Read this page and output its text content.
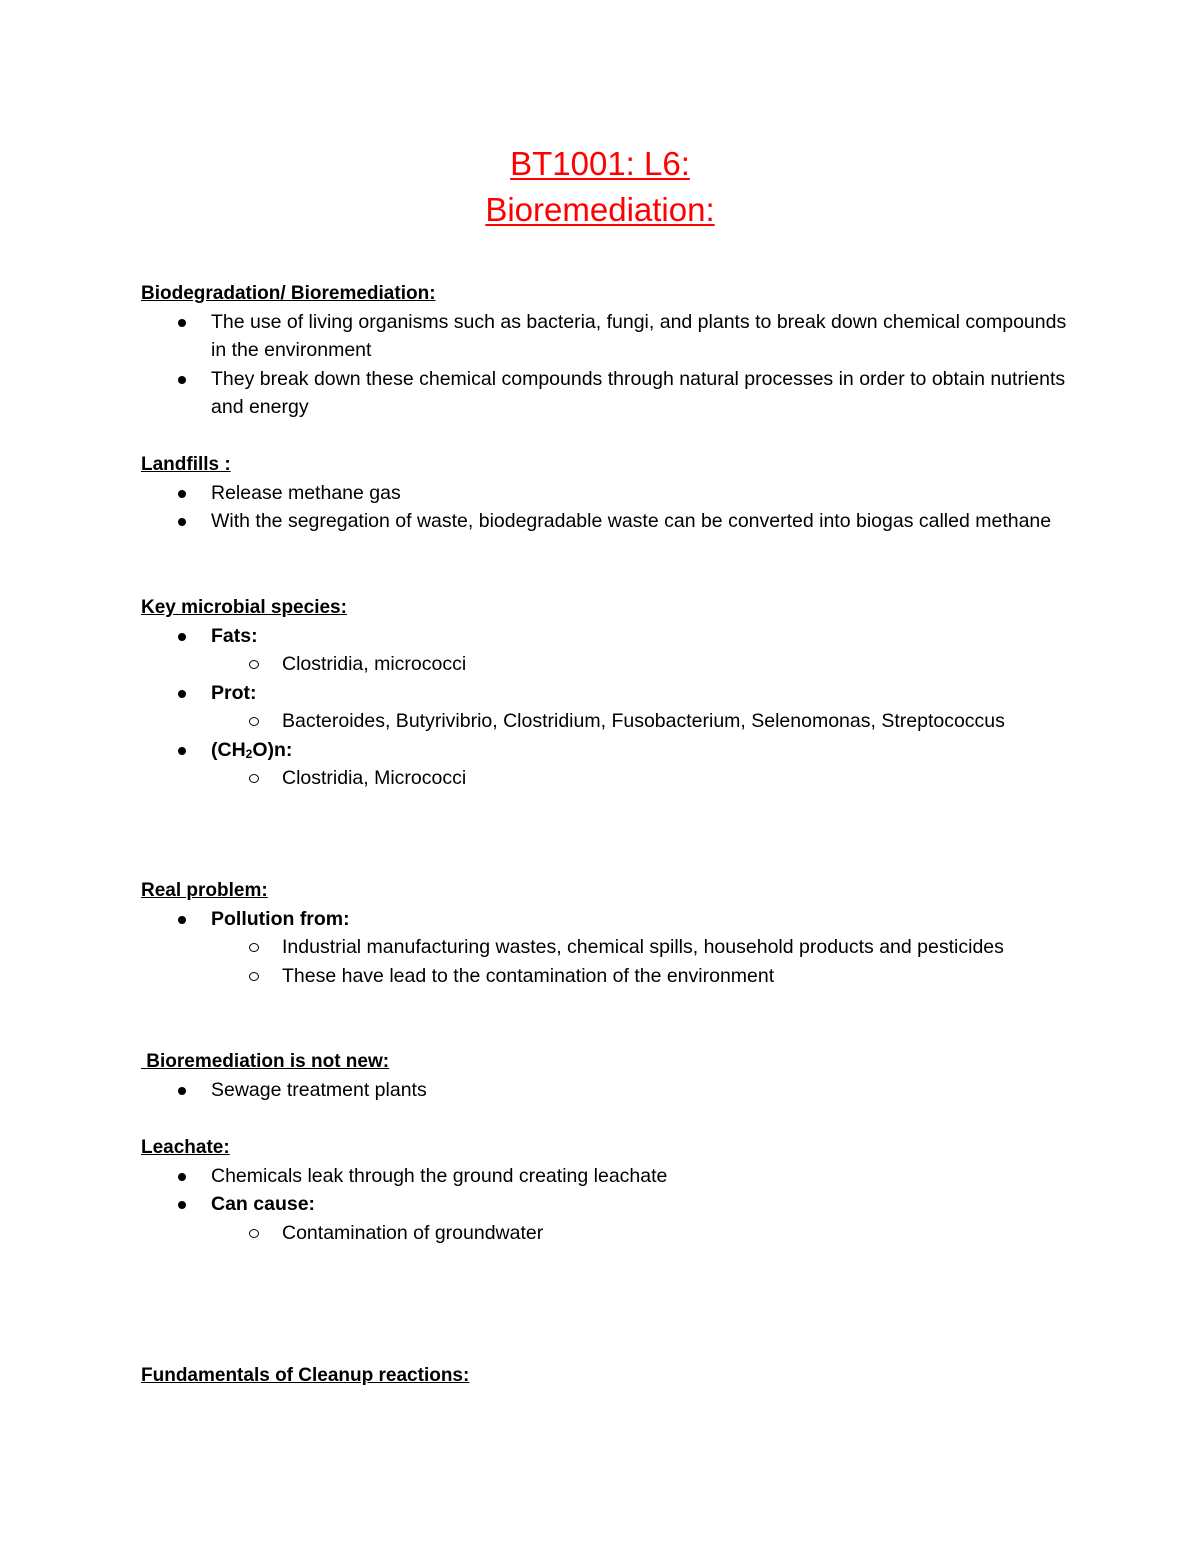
BT1001: L6:
Bioremediation:

Biodegradation/ Bioremediation:

The use of living organisms such as bacteria, fungi, and plants to break down chemical compounds in the environment
They break down these chemical compounds through natural processes in order to obtain nutrients and energy

Landfills :

Release methane gas
With the segregation of waste, biodegradable waste can be converted into biogas called methane

Key microbial species:

Fats:
Clostridia, micrococci
Prot:
Bacteroides, Butyrivibrio, Clostridium, Fusobacterium, Selenomonas, Streptococcus
$(CH_2O)n$:
Clostridia, Micrococci

Real problem:

Pollution from:
Industrial manufacturing wastes, chemical spills, household products and pesticides
These have lead to the contamination of the environment

Bioremediation is not new:

Sewage treatment plants

Leachate:

Chemicals leak through the ground creating leachate
Can cause:
Contamination of groundwater

Fundamentals of Cleanup reactions:
